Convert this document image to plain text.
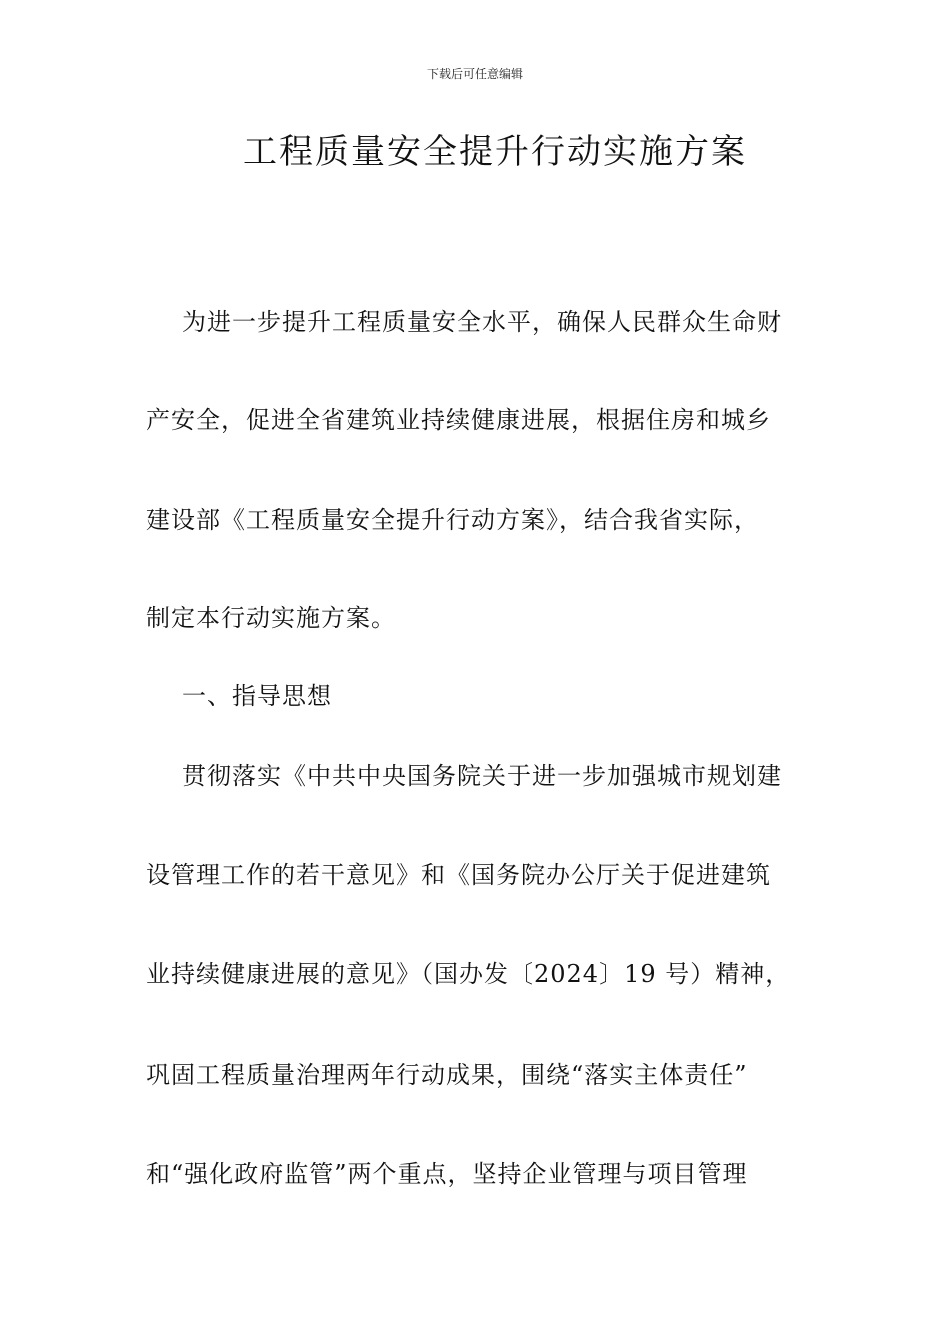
下载后可任意编辑
工程质量安全提升行动实施方案
为进一步提升工程质量安全水平，确保人民群众生命财
产安全，促进全省建筑业持续健康进展，根据住房和城乡
建设部《工程质量安全提升行动方案》，结合我省实际，
制定本行动实施方案。
一、指导思想
贯彻落实《中共中央国务院关于进一步加强城市规划建
设管理工作的若干意见》和《国务院办公厅关于促进建筑
业持续健康进展的意见》（国办发〔2024〕19 号）精神，
巩固工程质量治理两年行动成果，围绕“落实主体责任”
和“强化政府监管”两个重点，坚持企业管理与项目管理
